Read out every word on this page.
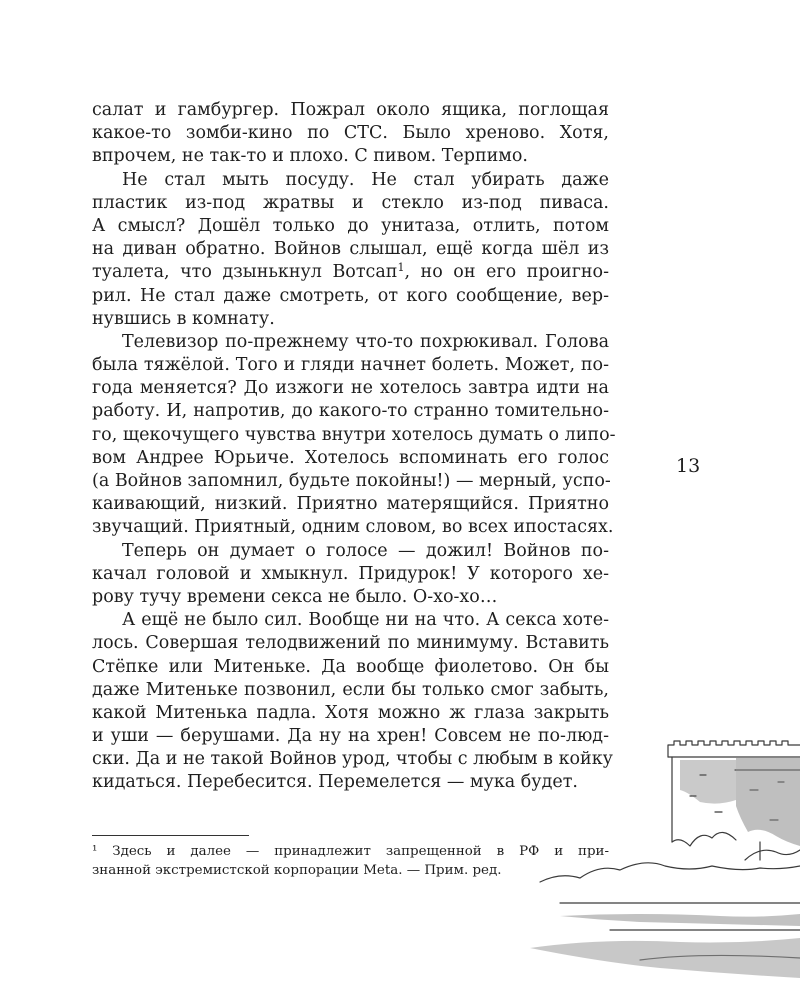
салат и гамбургер. Пожрал около ящика, поглощая
какое-то зомби-кино по СТС. Было хреново. Хотя,
впрочем, не так-то и плохо. С пивом. Терпимо.
Не стал мыть посуду. Не стал убирать даже
пластик из-под жратвы и стекло из-под пиваса.
А смысл? Дошёл только до унитаза, отлить, потом
на диван обратно. Войнов слышал, ещё когда шёл из
туалета, что дзынькнул Вотсап$^1$, но он его проигно-
рил. Не стал даже смотреть, от кого сообщение, вер-
нувшись в комнату.
Телевизор по-прежнему что-то похрюкивал. Голова
была тяжёлой. Того и гляди начнет болеть. Может, по-
года меняется? До изжоги не хотелось завтра идти на
работу. И, напротив, до какого-то странно томительно-
го, щекочущего чувства внутри хотелось думать о липо-
вом Андрее Юрьиче. Хотелось вспоминать его голос
(а Войнов запомнил, будьте покойны!) — мерный, успо-
каивающий, низкий. Приятно матерящийся. Приятно
звучащий. Приятный, одним словом, во всех ипостасях.
Теперь он думает о голосе — дожил! Войнов по-
качал головой и хмыкнул. Придурок! У которого хе-
рову тучу времени секса не было. О-хо-хо…
А ещё не было сил. Вообще ни на что. А секса хоте-
лось. Совершая телодвижений по минимуму. Вставить
Стёпке или Митеньке. Да вообще фиолетово. Он бы
даже Митеньке позвонил, если бы только смог забыть,
какой Митенька падла. Хотя можно ж глаза закрыть
и уши — берушами. Да ну на хрен! Совсем не по-люд-
ски. Да и не такой Войнов урод, чтобы с любым в койку
кидаться. Перебесится. Перемелется — мука будет.
13
¹ Здесь и далее — принадлежит запрещенной в РФ и при-
знанной экстремистской корпорации Meta. — Прим. ред.
